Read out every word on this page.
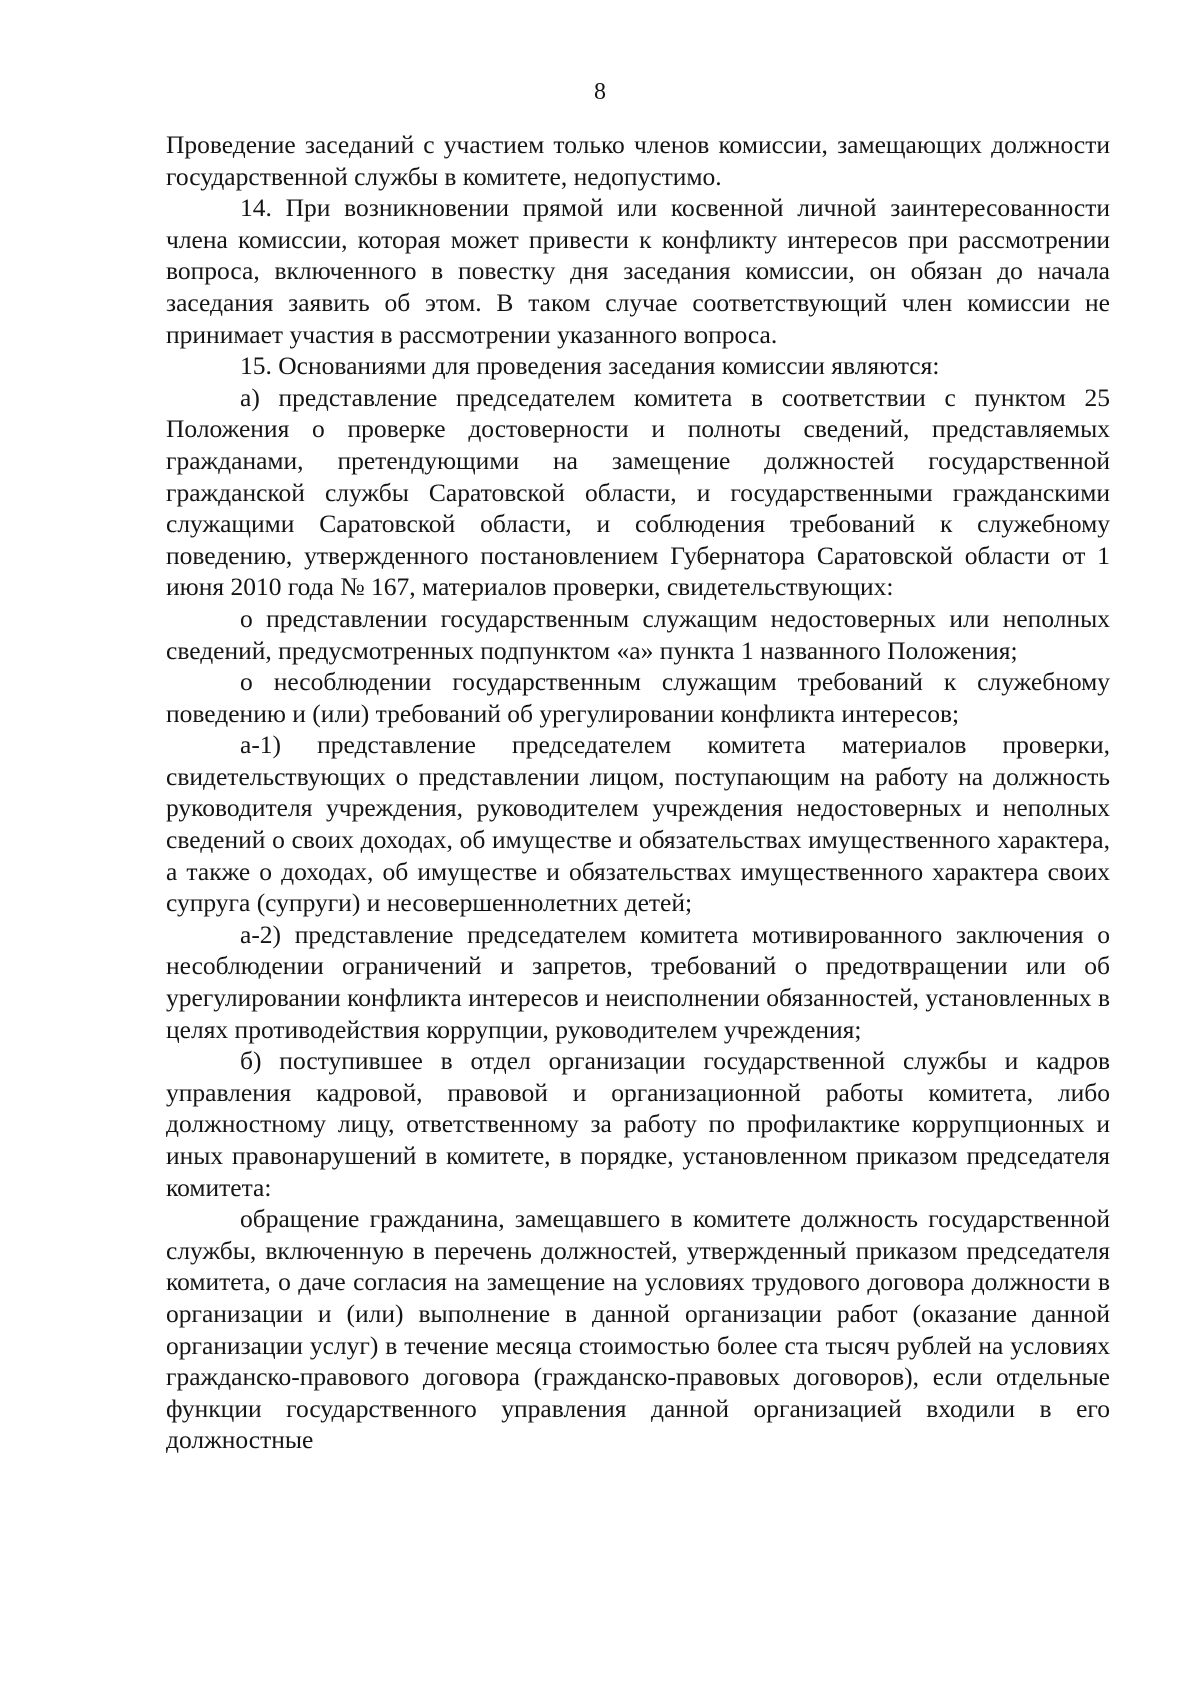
8

Проведение заседаний с участием только членов комиссии, замещающих должности государственной службы в комитете, недопустимо.

14. При возникновении прямой или косвенной личной заинтересованности члена комиссии, которая может привести к конфликту интересов при рассмотрении вопроса, включенного в повестку дня заседания комиссии, он обязан до начала заседания заявить об этом. В таком случае соответствующий член комиссии не принимает участия в рассмотрении указанного вопроса.

15. Основаниями для проведения заседания комиссии являются:

а) представление председателем комитета в соответствии с пунктом 25 Положения о проверке достоверности и полноты сведений, представляемых гражданами, претендующими на замещение должностей государственной гражданской службы Саратовской области, и государственными гражданскими служащими Саратовской области, и соблюдения требований к служебному поведению, утвержденного постановлением Губернатора Саратовской области от 1 июня 2010 года № 167, материалов проверки, свидетельствующих:

о представлении государственным служащим недостоверных или неполных сведений, предусмотренных подпунктом «а» пункта 1 названного Положения;

о несоблюдении государственным служащим требований к служебному поведению и (или) требований об урегулировании конфликта интересов;

а-1) представление председателем комитета материалов проверки, свидетельствующих о представлении лицом, поступающим на работу на должность руководителя учреждения, руководителем учреждения недостоверных и неполных сведений о своих доходах, об имуществе и обязательствах имущественного характера, а также о доходах, об имуществе и обязательствах имущественного характера своих супруга (супруги) и несовершеннолетних детей;

а-2) представление председателем комитета мотивированного заключения о несоблюдении ограничений и запретов, требований о предотвращении или об урегулировании конфликта интересов и неисполнении обязанностей, установленных в целях противодействия коррупции, руководителем учреждения;

б) поступившее в отдел организации государственной службы и кадров управления кадровой, правовой и организационной работы комитета, либо должностному лицу, ответственному за работу по профилактике коррупционных и иных правонарушений в комитете, в порядке, установленном приказом председателя комитета:

обращение гражданина, замещавшего в комитете должность государственной службы, включенную в перечень должностей, утвержденный приказом председателя комитета, о даче согласия на замещение на условиях трудового договора должности в организации и (или) выполнение в данной организации работ (оказание данной организации услуг) в течение месяца стоимостью более ста тысяч рублей на условиях гражданско-правового договора (гражданско-правовых договоров), если отдельные функции государственного управления данной организацией входили в его должностные
